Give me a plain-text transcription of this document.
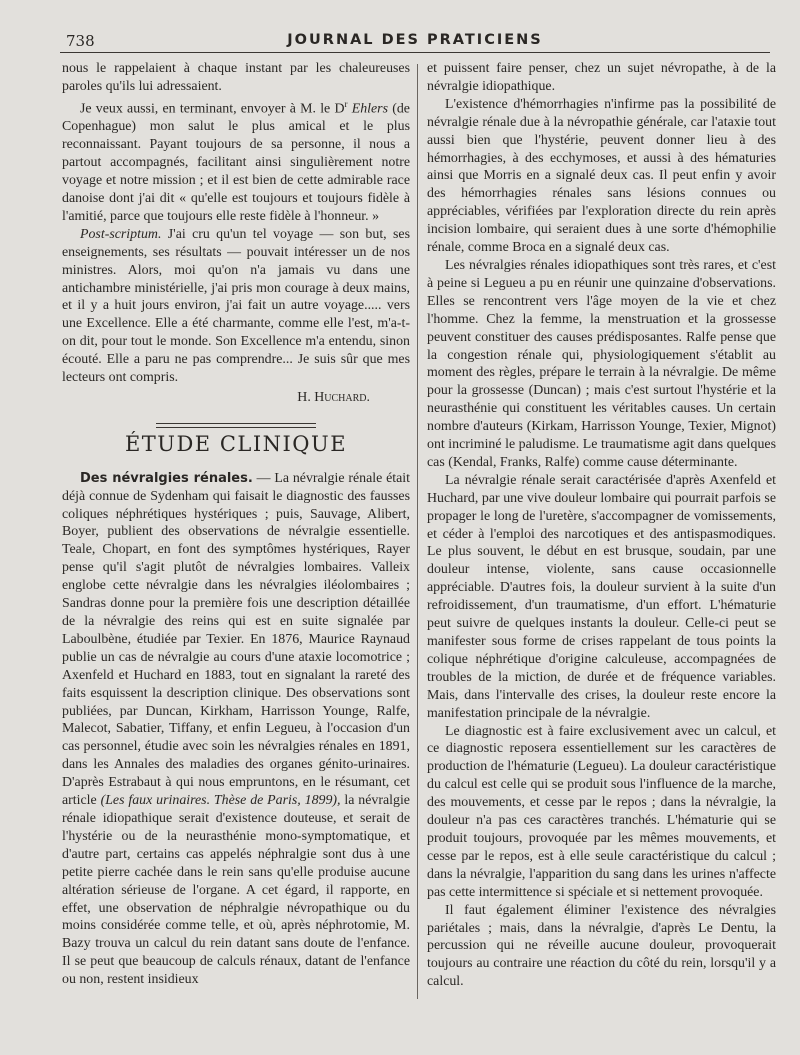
738	JOURNAL DES PRATICIENS

nous le rappelaient à chaque instant par les chaleureuses paroles qu'ils lui adressaient.

Je veux aussi, en terminant, envoyer à M. le $D^r$ Ehlers (de Copenhague) mon salut le plus amical et le plus reconnaissant. Payant toujours de sa personne, il nous a partout accompagnés, facilitant ainsi singulièrement notre voyage et notre mission ; et il est bien de cette admirable race danoise dont j'ai dit « qu'elle est toujours et toujours fidèle à l'amitié, parce que toujours elle reste fidèle à l'honneur. »

Post-scriptum. J'ai cru qu'un tel voyage — son but, ses enseignements, ses résultats — pouvait intéresser un de nos ministres. Alors, moi qu'on n'a jamais vu dans une antichambre ministérielle, j'ai pris mon courage à deux mains, et il y a huit jours environ, j'ai fait un autre voyage..... vers une Excellence. Elle a été charmante, comme elle l'est, m'a-t-on dit, pour tout le monde. Son Excellence m'a entendu, sinon écouté. Elle a paru ne pas comprendre... Je suis sûr que mes lecteurs ont compris.

H. Huchard.
ÉTUDE CLINIQUE

Des névralgies rénales. — La névralgie rénale était déjà connue de Sydenham qui faisait le diagnostic des fausses coliques néphrétiques hystériques ; puis, Sauvage, Alibert, Boyer, publient des observations de névralgie essentielle. Teale, Chopart, en font des symptômes hystériques, Rayer pense qu'il s'agit plutôt de névralgies lombaires. Valleix englobe cette névralgie dans les névralgies iléolombaires ; Sandras donne pour la première fois une description détaillée de la névralgie des reins qui est en suite signalée par Laboulbène, étudiée par Texier. En 1876, Maurice Raynaud publie un cas de névralgie au cours d'une ataxie locomotrice ; Axenfeld et Huchard en 1883, tout en signalant la rareté des faits esquissent la description clinique. Des observations sont publiées, par Duncan, Kirkham, Harrisson Younge, Ralfe, Malecot, Sabatier, Tiffany, et enfin Legueu, à l'occasion d'un cas personnel, étudie avec soin les névralgies rénales en 1891, dans les Annales des maladies des organes génito-urinaires. D'après Estrabaut à qui nous empruntons, en le résumant, cet article (Les faux urinaires. Thèse de Paris, 1899), la névralgie rénale idiopathique serait d'existence douteuse, et serait de l'hystérie ou de la neurasthénie mono-symptomatique, et d'autre part, certains cas appelés néphralgie sont dus à une petite pierre cachée dans le rein sans qu'elle produise aucune altération sérieuse de l'organe. A cet égard, il rapporte, en effet, une observation de néphralgie névropathique ou du moins considérée comme telle, et où, après néphrotomie, M. Bazy trouva un calcul du rein datant sans doute de l'enfance. Il se peut que beaucoup de calculs rénaux, datant de l'enfance ou non, restent insidieux

et puissent faire penser, chez un sujet névropathe, à de la névralgie idiopathique.

L'existence d'hémorrhagies n'infirme pas la possibilité de névralgie rénale due à la névropathie générale, car l'ataxie tout aussi bien que l'hystérie, peuvent donner lieu à des hémorrhagies, à des ecchymoses, et aussi à des hématuries ainsi que Morris en a signalé deux cas. Il peut enfin y avoir des hémorrhagies rénales sans lésions connues ou appréciables, vérifiées par l'exploration directe du rein après incision lombaire, qui seraient dues à une sorte d'hémophilie rénale, comme Broca en a signalé deux cas.

Les névralgies rénales idiopathiques sont très rares, et c'est à peine si Legueu a pu en réunir une quinzaine d'observations. Elles se rencontrent vers l'âge moyen de la vie et chez l'homme. Chez la femme, la menstruation et la grossesse peuvent constituer des causes prédisposantes. Ralfe pense que la congestion rénale qui, physiologiquement s'établit au moment des règles, prépare le terrain à la névralgie. De même pour la grossesse (Duncan) ; mais c'est surtout l'hystérie et la neurasthénie qui constituent les véritables causes. Un certain nombre d'auteurs (Kirkam, Harrisson Younge, Texier, Mignot) ont incriminé le paludisme. Le traumatisme agit dans quelques cas (Kendal, Franks, Ralfe) comme cause déterminante.

La névralgie rénale serait caractérisée d'après Axenfeld et Huchard, par une vive douleur lombaire qui pourrait parfois se propager le long de l'uretère, s'accompagner de vomissements, et céder à l'emploi des narcotiques et des antispasmodiques. Le plus souvent, le début en est brusque, soudain, par une douleur intense, violente, sans cause occasionnelle appréciable. D'autres fois, la douleur survient à la suite d'un refroidissement, d'un traumatisme, d'un effort. L'hématurie peut suivre de quelques instants la douleur. Celle-ci peut se manifester sous forme de crises rappelant de tous points la colique néphrétique d'origine calculeuse, accompagnées de troubles de la miction, de durée et de fréquence variables. Mais, dans l'intervalle des crises, la douleur reste encore la manifestation principale de la névralgie.

Le diagnostic est à faire exclusivement avec un calcul, et ce diagnostic reposera essentiellement sur les caractères de production de l'hématurie (Legueu). La douleur caractéristique du calcul est celle qui se produit sous l'influence de la marche, des mouvements, et cesse par le repos ; dans la névralgie, la douleur n'a pas ces caractères tranchés. L'hématurie qui se produit toujours, provoquée par les mêmes mouvements, et cesse par le repos, est à elle seule caractéristique du calcul ; dans la névralgie, l'apparition du sang dans les urines n'affecte pas cette intermittence si spéciale et si nettement provoquée.

Il faut également éliminer l'existence des névralgies pariétales ; mais, dans la névralgie, d'après Le Dentu, la percussion qui ne réveille aucune douleur, provoquerait toujours au contraire une réaction du côté du rein, lorsqu'il y a calcul.
